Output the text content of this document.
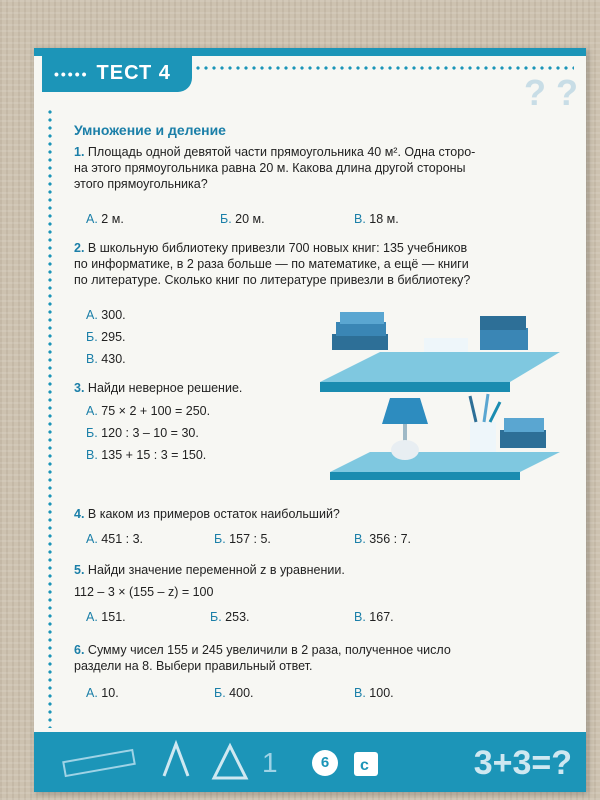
••••• ТЕСТ 4	? ?
Умножение и деление
1. Площадь одной девятой части прямоугольника 40 м². Одна сторо-
на этого прямоугольника равна 20 м. Какова длина другой стороны
этого прямоугольника?
А. 2 м.	Б. 20 м.	В. 18 м.
2. В школьную библиотеку привезли 700 новых книг: 135 учебников
по информатике, в 2 раза больше — по математике, а ещё — книги
по литературе. Сколько книг по литературе привезли в библиотеку?
А. 300.
Б. 295.
В. 430.
3. Найди неверное решение.
А. 75 × 2 + 100 = 250.
Б. 120 : 3 – 10 = 30.
В. 135 + 15 : 3 = 150.
4. В каком из примеров остаток наибольший?
А. 451 : 3.	Б. 157 : 5.	В. 356 : 7.
5. Найди значение переменной z в уравнении.
112 – 3 × (155 – z) = 100
А. 151.	Б. 253.	В. 167.
6. Сумму чисел 155 и 245 увеличили в 2 раза, полученное число
раздели на 8. Выбери правильный ответ.
А. 10.	Б. 400.	В. 100.
1	6	c	3+3=?
